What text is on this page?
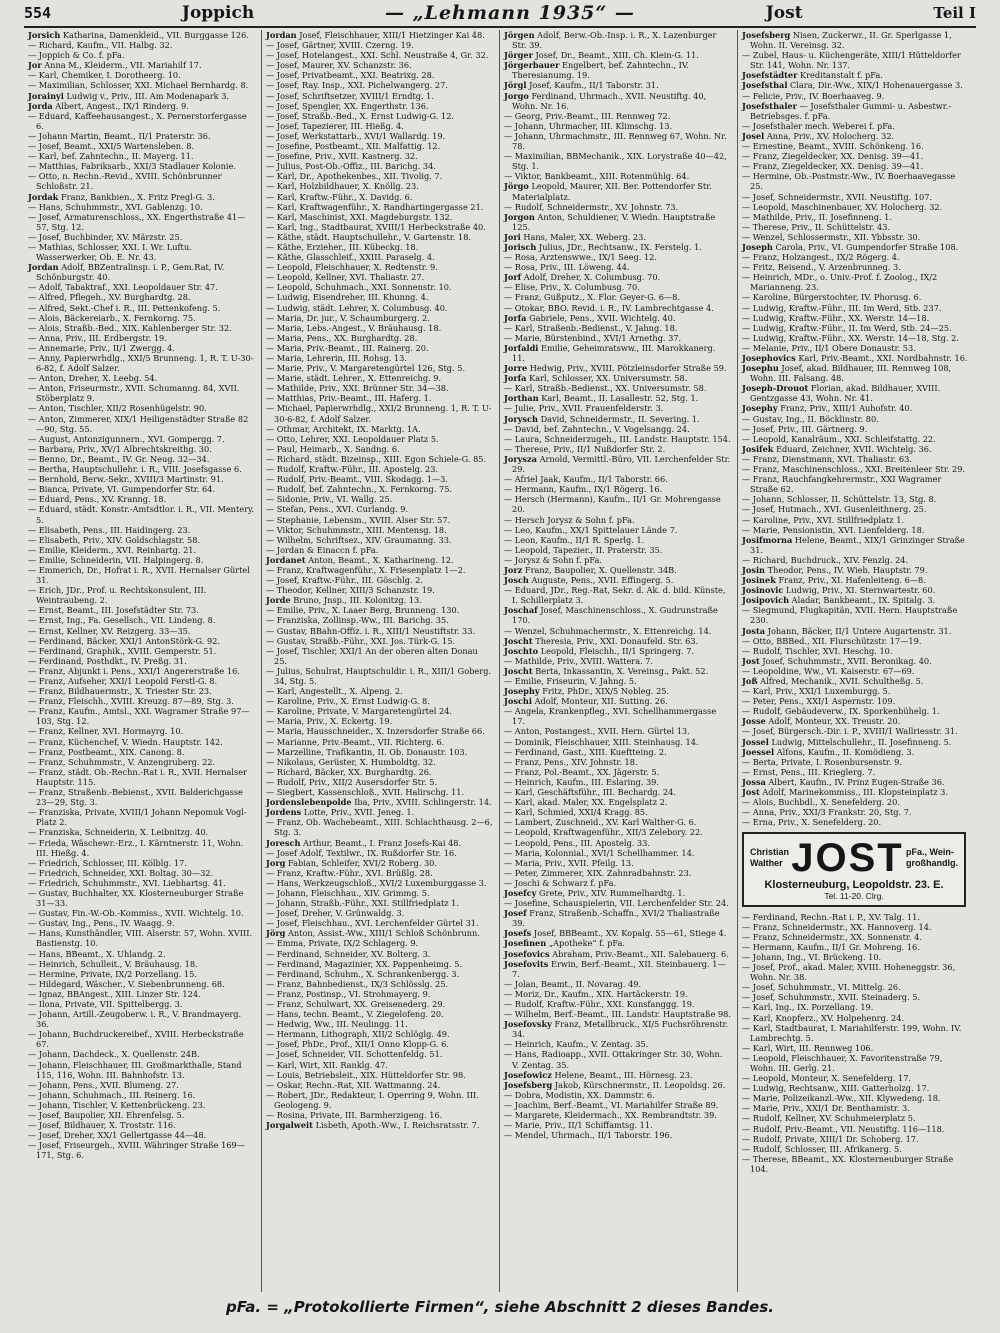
554	Joppich	— „Lehmann 1935“ —	Jost	Teil I

Jorsich Katharina, Damenkleid., VII. Burggasse 126.

— Richard, Kaufm., VII. Halbg. 32.

— Joppich & Co. f. pFa.

Jor Anna M., Kleiderm., VII. Mariahilf 17.

— Karl, Chemiker, I. Dorotheerg. 10.

— Maximilian, Schlosser, XXI. Michael Bernhardg. 8.

Jorainyi Ludwig v., Priv., III. Am Modenapark 3.

Jorda Albert, Angest., IX/1 Rinderg. 9.

— Eduard, Kaffeehausangest., X. Pernerstorfergasse 6.

— Johann Martin, Beamt., II/1 Praterstr. 36.

— Josef, Beamt., XXI/5 Wartensleben. 8.

— Karl, bef. Zahntechn., II. Mayerg. 11.

— Matthias, Fabriksarb., XXI/3 Stadlauer Kolonie.

— Otto, n. Rechn.-Revid., XVIII. Schönbrunner Schloßstr. 21.

Jordak Franz, Bankbien., X. Fritz Pregl-G. 3.

— Hans, Schuhmmstr., XVI. Gablenzg. 10.

— Josef, Armaturenschloss., XX. Engerthstraße 41—57, Stg. 12.

— Josef, Buchbinder, XV. Märzstr. 25.

— Mathias, Schlosser, XXI. I. Wr. Luftu. Wasserwerker, Ob. E. Nr. 43.

Jordan Adolf, BBZentralinsp. i. P., Gem.Rat, IV. Schönburgstr. 40.

— Adolf, Tabaktraf., XXI. Leopoldauer Str. 47.

— Alfred, Pflegeh., XV. Burghardtg. 28.

— Alfred, Sekt.-Chef i. R., III. Pettenkofeng. 5.

— Alois, Bäckereiarb., X. Fernkorng. 75.

— Alois, Straßb.-Bed., XIX. Kahlenberger Str. 32.

— Anna, Priv., III. Erdbergstr. 19.

— Annemarie, Priv., II/1 Zwergg. 4.

— Anny, Papierwrhdlg., XXI/5 Brunneng. 1, R. T. U-30-6-82, f. Adolf Salzer.

— Anton, Dreher, X. Leebg. 54.

— Anton, Friseurmstr., XVII. Schumanng. 84, XVII. Stöberplatz 9.

— Anton, Tischler, XII/2 Rosenhügelstr. 90.

— Anton, Zimmerer, XIX/1 Heiligenstädter Straße 82—90, Stg. 55.

— August, Antonzigunnern., XVI. Gompergg. 7.

— Barbara, Priv., XV/1 Albrechtskreithg. 30.

— Benno, Dr., Beamt., IV. Gr. Neug. 32—34.

— Bertha, Hauptschullehr. i. R., VIII. Josefsgasse 6.

— Bernhold, Berw.-Sekr., XVIII/3 Martinstr. 91.

— Bianca, Private, VI. Gumpendorfer Str. 64.

— Eduard, Pens., XV. Kranng. 18.

— Eduard, städt. Konstr.-Amtsdtlor. i. R., VII. Mentery. 5.

— Elisabeth, Pens., III. Haidingerg. 23.

— Elisabeth, Priv., XIV. Goldschlagstr. 58.

— Emilie, Kleiderm., XVI. Reinhartg. 21.

— Emilie, Schneiderin, VII. Halpingerg. 8.

— Emmerich, Dr., Hofrat i. R., XVII. Hernalser Gürtel 31.

— Erich, JDr., Prof. u. Rechtskonsulent, III. Weintraubeng. 2.

— Ernst, Beamt., III. Josefstädter Str. 73.

— Ernst, Ing., Fa. Gesellsch., VII. Lindeng. 8.

— Ernst, Kellner, XV. Reizgerg. 33—35.

— Ferdinand, Bäcker, XXI/1 AntonStörk-G. 92.

— Ferdinand, Graphik., XVIII. Gemperstr. 51.

— Ferdinand, Posthdkt., IV. Preßg. 31.

— Franz, Abjunkt i. Pens., XXI/1 Angererstraße 16.

— Franz, Aufseher, XXI/1 Leopold Ferstl-G. 8.

— Franz, Bildhauermstr., X. Triester Str. 23.

— Franz, Fleischh., XVIII. Kreuzg. 87—89, Stg. 3.

— Franz, Kaufm., Amtsl., XXI. Wagramer Straße 97—103, Stg. 12.

— Franz, Kellner, XVI. Hormayrg. 10.

— Franz, Küchenchef, V. Wiedn. Hauptstr. 142.

— Franz, Postbeamt., XIX. Canong. 8.

— Franz, Schuhmmstr., V. Anzengruberg. 22.

— Franz, städt. Ob.-Rechn.-Rat i. R., XVII. Hernalser Hauptstr. 115.

— Franz, Straßenb.-Bebienst., XVII. Balderichgasse 23—29, Stg. 3.

— Franziska, Private, XVIII/1 Johann Nepomuk Vogl-Platz 2.

— Franziska, Schneiderin, X. Leibnitzg. 40.

— Frieda, Wäschewr.-Erz., I. Kärntnerstr. 11, Wohn. III. Hießg. 4.

— Friedrich, Schlosser, III. Kölblg. 17.

— Friedrich, Schneider, XXI. Boltag. 30—32.

— Friedrich, Schuhmmstr., XVI. Liebhartsg. 41.

— Gustav, Buchhalter, XX. Klosterneuburger Straße 31—33.

— Gustav, Fin.-W.-Ob.-Kommiss., XVII. Wichtelg. 10.

— Gustav, Ing., Pens., IV. Waagg. 9.

— Hans, Kunsthändler, VIII. Alserstr. 57, Wohn. XVIII. Bastienstg. 10.

— Hans, BBeamt., X. Uhlandg. 2.

— Heinrich, Schulleit., V. Bräuhausg. 18.

— Hermine, Private, IX/2 Porzellang. 15.

— Hildegard, Wäscher., V. Siebenbrunneng. 68.

— Ignaz, BBAngest., XIII. Linzer Str. 124.

— Ilona, Private, VII. Spittelbergg. 3.

— Johann, Artill.-Zeugoberw. i. R., V. Brandmayerg. 36.

— Johann, Buchdruckereibef., XVIII. Herbeckstraße 67.

— Johann, Dachdeck., X. Quellenstr. 24B.

— Johann, Fleischhauer, III. Großmarkthalle, Stand 115, 116, Wohn. III. Bahnhofstr. 13.

— Johann, Pens., XVII. Blumeng. 27.

— Johann, Schuhmach., III. Reinerg. 16.

— Johann, Tischler, V. Kettenbrückeng. 23.

— Josef, Baupolier, XII. Ehrenfelsg. 5.

— Josef, Bildhauer, X. Troststr. 116.

— Josef, Dreher, XX/1 Gellertgasse 44—48.

— Josef, Friseurgeh., XVIII. Währinger Straße 169—171, Stg. 6.

Jordan Josef, Fleischhauer, XIII/1 Hietzinger Kai 48.

— Josef, Gärtner, XVIII. Czerng. 19.

— Josef, Hotelangest., XXI. Schl. Neustraße 4, Gr. 32.

— Josef, Maurer, XV. Schanzstr. 36.

— Josef, Privatbeamt., XXI. Beatrixg. 28.

— Josef, Ray. Insp., XXI. Pichelwangerg. 27.

— Josef, Schriftsetzer, XVIII/1 Erndtg. 1.

— Josef, Spengler, XX. Engerthstr. 136.

— Josef, Straßb.-Bed., X. Ernst Ludwig-G. 12.

— Josef, Tapezierer, III. Hießg. 4.

— Josef, Werkstattarb., XVI/1 Wallardg. 19.

— Josefine, Postbeamt., XII. Malfattig. 12.

— Josefine, Priv., XVII. Kastnerg. 32.

— Julius, Post-Ob.-Offiz., III. Barichg. 34.

— Karl, Dr., Apothekenbes., XII. Tivolig. 7.

— Karl, Holzbildhauer, X. Knöllg. 23.

— Karl, Kraftw.-Führ., X. Davidg. 6.

— Karl, Kraftwagenführ., X. Randhartingergasse 21.

— Karl, Maschinist, XXI. Magdeburgstr. 132.

— Karl, Ing., Stadtbaurat, XVIII/1 Herbeckstraße 40.

— Käthe, städt. Hauptschullehr., V. Gartenstr. 18.

— Käthe, Erzieher., III. Kübeckg. 18.

— Käthe, Glasschleif., XXIII. Paraselg. 4.

— Leopold, Fleischhauer, X. Redtenstr. 9.

— Leopold, Kellner, XVI. Thaliastr. 27.

— Leopold, Schuhmach., XXI. Sonnenstr. 10.

— Ludwig, Eisendreher, III. Khunng. 4.

— Ludwig, städt. Lehrer, X. Columbusg. 40.

— Maria, Dr. jur., V. Schaumburgerg. 2.

— Maria, Lebs.-Angest., V. Bräuhausg. 18.

— Maria, Pens., XX. Burghardtg. 28.

— Maria, Priv.-Beamt., III. Rainerg. 20.

— Maria, Lehrerin, III. Rohsg. 13.

— Marie, Priv., V. Margaretengürtel 126, Stg. 5.

— Marie, städt. Lehrer., X. Ettenreichg. 9.

— Mathilde, Priv., XXI. Brünner Str. 34—38.

— Matthias, Priv.-Beamt., III. Haferg. 1.

— Michael, Papierwrhdlg., XXI/2 Brunneng. 1, R. T. U-30-6-82, f. Adolf Salzer.

— Othmar, Architekt, IX. Marktg. 1A.

— Otto, Lehrer, XXI. Leopoldauer Platz 5.

— Paul, Heimarb., X. Sandng. 6.

— Richard, städt. Bizeinsp., XIII. Egon Schiele-G. 85.

— Rudolf, Kraftw.-Führ., III. Apostelg. 23.

— Rudolf, Priv.-Beamt., VIII. Skodagg. 1—3.

— Rudolf, bef. Zahntechn., X. Fernkorng. 75.

— Sidonie, Priv., VI. Wallg. 25.

— Stefan, Pens., XVI. Curlandg. 9.

— Stephanie, Lebensm., XVIII. Alser Str. 57.

— Viktor, Schuhmmstr., XIII. Mentensg. 18.

— Wilhelm, Schriftsez., XIV. Graumanng. 33.

— Jordan & Einaccn f. pFa.

Jordanet Anton, Beamt., X. Katharineng. 12.

— Franz, Kraftwagenführ., X. Friesenplatz 1—2.

— Josef, Kraftw.-Führ., III. Göschlg. 2.

— Theodor, Kellner, XIII/3 Schanzstr. 19.

Jorde Bruno, Jnsp., III. Kolonitzg. 13.

— Emilie, Priv., X. Laaer Berg, Brunneng. 130.

— Franziska, Zollinsp.-Ww., III. Barichg. 35.

— Gustav, BBahn-Offiz. i. R., XIII/1 Neustiftstr. 33.

— Gustav, Straßb.-Führ., XXI. Jos. Türk-G. 15.

— Josef, Tischler, XXI/1 An der oberen alten Donau 25.

— Julius, Schulrat, Hauptschuldir. i. R., XIII/1 Goberg. 34, Stg. 5.

— Karl, Angestellt., X. Alpeng. 2.

— Karoline, Priv., X. Ernst Ludwig-G. 8.

— Karoline, Private, V. Margaretengürtel 24.

— Maria, Priv., X. Eckertg. 19.

— Maria, Hausschneider., X. Inzersdorfer Straße 66.

— Marianne, Priv.-Beamt., VII. Richterg. 6.

— Marzelline, Trafikantin, II. Ob. Donaustr. 103.

— Nikolaus, Gerüster, X. Humboldtg. 32.

— Richard, Bäcker, XX. Burghardtg. 26.

— Rudolf, Priv., XII/2 Ausersdorfer Str. 5.

— Siegbert, Kassenschloß., XVII. Halirschg. 11.

Jordenslebenpolde Iba, Priv., XVIII. Schlingerstr. 14.

Jordens Lotte, Priv., XVII. Jeneg. 1.

— Franz, Ob. Wachebeamt., XIII. Schlachthausg. 2—6, Stg. 3.

Joresch Arthur, Beamt., I. Franz Josefs-Kai 48.

— Josef Adolf, Textilwr., IX. Rußdorfer Str. 16.

Jorg Fabian, Schleifer, XVI/2 Roberg. 30.

— Franz, Kraftw.-Führ., XVI. Brüßlg. 28.

— Hans, Werkzeugschloß., XVI/2 Luxemburggasse 3.

— Johann, Fleischhau., XIV. Grimmg. 5.

— Johann, Straßb.-Führ., XXI. Stillfriedplatz 1.

— Josef, Dreher, V. Grünwaldg. 3.

— Josef, Fleischhau., XVI. Lerchenfelder Gürtel 31.

Jörg Anton, Assist.-Ww., XIII/1 Schloß Schönbrunn.

— Emma, Private, IX/2 Schlagerg. 9.

— Ferdinand, Schneider, XV. Bolterg. 3.

— Ferdinand, Magazinier, XX. Pappenheimg. 5.

— Ferdinand, Schuhm., X. Schrankenbergg. 3.

— Franz, Bahnbedienst., IX/3 Schlösslg. 25.

— Franz, Postinsp., VI. Strohmayerg. 9.

— Franz, Schulwart, XX. Greisenederg. 29.

— Hans, techn. Beamt., V. Ziegelofeng. 20.

— Hedwig, Ww., III. Neulingg. 11.

— Hermann, Lithograph, XII/2 Schlöglg. 49.

— Josef, PhDr., Prof., XII/1 Onno Klopp-G. 6.

— Josef, Schneider, VII. Schottenfeldg. 51.

— Karl, Wirt, XII. Ranklg. 47.

— Louis, Betriebsleit., XIX. Hütteldorfer Str. 98.

— Oskar, Rechn.-Rat, XII. Wattmanng. 24.

— Robert, JDr., Redakteur, I. Operring 9, Wohn. III. Geologeng. 9.

— Rosina, Private, III. Barmherzigeng. 16.

Jorgalweit Lisbeth, Apoth.-Ww., I. Reichsratsstr. 7.

Jörgen Adolf, Berw.-Ob.-Insp. i. R., X. Lazenburger Str. 39.

Jörger Josef, Dr., Beamt., XIII. Ch. Klein-G. 11.

Jörgerbauer Engelbert, bef. Zahntechn., IV. Theresianumg. 19.

Jörgl Josef, Kaufm., II/1 Taborstr. 31.

Jorgo Ferdinand, Uhrmach., XVII. Neustiftg. 40, Wohn. Nr. 16.

— Georg, Priv.-Beamt., III. Rennweg 72.

— Johann, Uhrmacher, III. Klimschg. 13.

— Johann, Uhrmachmstr., III. Rennweg 67, Wohn. Nr. 78.

— Maximilian, BBMechanik., XIX. Lorystraße 40—42, Stg. 1.

— Viktor, Bankbeamt., XIII. Rotenmühlg. 64.

Jörgo Leopold, Maurer, XII. Ber. Pottendorfer Str. Materialplatz.

— Rudolf, Schneidermstr., XV. Johnstr. 73.

Jorgon Anton, Schuldiener, V. Wiedn. Hauptstraße 125.

Jori Hans, Maler, XX. Weberg. 23.

Jorisch Julius, JDr., Rechtsanw., IX. Ferstelg. 1.

— Rosa, Arztenswwe., IX/1 Seeg. 12.

— Rosa, Priv., III. Löweng. 44.

Jorf Adolf, Dreher, X. Columbusg. 70.

— Elise, Priv., X. Columbusg. 70.

— Franz, Gußputz., X. Flor. Geyer-G. 6—8.

— Otokar, BBO. Revid. i. R., IV. Lambrechtgasse 4.

Jorfa Gabriele, Pens., XVII. Wichtelg. 40.

— Karl, Straßenb.-Bedienst., V. Jahng. 18.

— Marie, Bürstenbind., XVI/1 Arnethg. 37.

Jorfaldi Emilie, Geheimratsww., III. Marokkanerg. 11.

Jorre Hedwig, Priv., XVIII. Pötzleinsdorfer Straße 59.

Jorfa Karl, Schlosser, XX. Universumstr. 58.

— Karl, Straßb.-Bedienst., XX. Universumstr. 58.

Jorthan Karl, Beamt., II. Lasallestr. 52, Stg. 1.

— Julie, Priv., XVII. Frauenfelderstr. 3.

Jorysch David, Schneidermstr., II. Severing. 1.

— David, bef. Zahntechn., V. Vogelsangg. 24.

— Laura, Schneiderzugeh., III. Landstr. Hauptstr. 154.

— Therese, Priv., II/1 Nußdorfer Str. 2.

Jorysza Arnold, Vermittl.-Büro, VII. Lerchenfelder Str. 29.

— Afriel Jaak, Kaufm., II/1 Taborstr. 66.

— Hermann, Kaufm., IX/1 Rögerg. 16.

— Hersch (Hermann), Kaufm., II/1 Gr. Mohrengasse 20.

— Hersch Jorysz & Sohn f. pFa.

— Leo, Kaufm., XX/1 Spittelauer Lände 7.

— Leon, Kaufm., II/1 R. Sperlg. 1.

— Leopold, Tapezier., II. Praterstr. 35.

— Jorysz & Sohn f. pFa.

Jorz Franz, Baupolier, X. Quellenstr. 34B.

Josch Auguste, Pens., XVII. Effingerg. 5.

— Eduard, JDr., Reg.-Rat, Sekr. d. Ak. d. bild. Künste, I. Schillerplatz 3.

Joschaf Josef, Maschinenschloss., X. Gudrunstraße 170.

— Wenzel, Schuhmachermstr., X. Ettenreichg. 14.

Joscht Theresia, Priv., XXI. Donaufeld. Str. 63.

Joschto Leopold, Fleischh., II/1 Springerg. 7.

— Mathilde, Priv., XVIII. Wattera. 7.

Joscht Berta, Inkassantin, X. Vereinsg., Pakt. 52.

— Emilie, Friseurin, V. Jahng. 5.

Josephy Fritz, PhDr., XIX/5 Nobleg. 25.

Joschi Adolf, Monteur, XII. Sutting. 26.

— Angela, Krankenpfleg., XVI. Schellhammergasse 17.

— Anton, Postangest., XVII. Hern. Gürtel 13.

— Dominik, Fleischhauer, XIII. Steinhausg. 14.

— Ferdinand, Gast., XIII. Kueftteing. 2.

— Franz, Pens., XIV. Johnstr. 18.

— Franz, Pol.-Beamt., XX. Jägerstr. 5.

— Heinrich, Kaufm., III. Eslaring. 39.

— Karl, Geschäftsführ., III. Bechardg. 24.

— Karl, akad. Maler, XX. Engelsplatz 2.

— Karl, Schmied, XXI/4 Kragg. 85.

— Lambert, Zuschneid., XV. Karl Walther-G. 6.

— Leopold, Kraftwagenführ., XII/3 Zelebory. 22.

— Leopold, Pens., III. Apostelg. 33.

— Maria, Kolonnial., XVI/1 Schellhammer. 14.

— Maria, Priv., XVII. Pfeilg. 13.

— Peter, Zimmerer, XIX. Zahnradbahnstr. 23.

— Joschi & Schwarz f. pFa.

Josefcy Grete, Priv., XIV. Rummelhardtg. 1.

— Josefine, Schauspielerin, VII. Lerchenfelder Str. 24.

Josef Franz, Straßenb.-Schaffn., XVI/2 Thaliastraße 39.

Josefs Josef, BBBeamt., XV. Kopalg. 55—61, Stiege 4.

Josefinen „Apotheke“ f. pFa.

Josefovics Abraham, Priv.-Beamt., XII. Salebauerg. 6.

Josefovits Erwin, Berf.-Beamt., XII. Steinbauerg. 1—7.

— Jolan, Beamt., II. Novarag. 49.

— Moriz, Dr., Kaufm., XIX. Hartäckerstr. 19.

— Rudolf, Kraftw.-Führ., XXI. Kunsfanggg. 19.

— Wilhelm, Berf.-Beamt., III. Landstr. Hauptstraße 98.

Josefovsky Franz, Metallbruck., XI/5 Fuchsröhrenstr. 34.

— Heinrich, Kaufm., V. Zentag. 35.

— Hans, Radioapp., XVII. Ottakringer Str. 30, Wohn. V. Zentag. 35.

Josefowicz Helene, Beamt., III. Hörnesg. 23.

Josefsberg Jakob, Kürschnermstr., II. Leopoldsg. 26.

— Dobra, Modistin, XX. Dammstr. 6.

— Joachim, Berf.-Beamt., VI. Mariahilfer Straße 89.

— Margarete, Kleidermach., XX. Rembrandtstr. 39.

— Marie, Priv., II/1 Schiffamtsg. 11.

— Mendel, Uhrmach., II/1 Taborstr. 196.

Josefsberg Nisen, Zuckerwr., II. Gr. Sperlgasse 1, Wohn. II. Vereinsg. 32.

— Zubel, Haus- u. Küchengeräte, XIII/1 Hütteldorfer Str. 141, Wohn. Nr. 137.

Josefstädter Kreditanstalt f. pFa.

Josefsthal Clara, Dir.-Ww., XIX/1 Hohenauergasse 3.

— Felicie, Priv., IV. Boerhaaveg. 9.

Josefsthaler — Josefsthaler Gummi- u. Asbestwr.-Betriebsges. f. pFa.

— Josefsthaler mech. Weberei f. pFa.

Josel Anna, Priv., XV. Holocherg. 32.

— Ernestine, Beamt., XVIII. Schönkeng. 16.

— Franz, Ziegeldecker, XX. Denisg. 39—41.

— Franz, Ziegeldecker, XX. Denisg. 39—41.

— Hermine, Ob.-Postmstr.-Ww., IV. Boerhaavegasse 25.

— Josef, Schneidermstr., XVII. Neustiftg. 107.

— Leopold, Maschinenbauer, XV. Holocherg. 32.

— Mathilde, Priv., II. Josefinneng. 1.

— Therese, Priv., II. Schüttelstr. 43.

— Wenzel, Schlossermstr., XII. Ybbsstr. 30.

Joseph Carola, Priv., VI. Gumpendorfer Straße 108.

— Franz, Holzangest., IX/2 Rögerg. 4.

— Fritz, Reisend., V. Arzenbrunneg. 3.

— Heinrich, MDr., o. Univ.-Prof. f. Zoolog., IX/2 Marianneng. 23.

— Karoline, Bürgerstochter, IV. Phorusg. 6.

— Ludwig, Kraftw.-Führ., III. Im Werd, Stb. 237.

— Ludwig, Kraftw.-Führ., XX. Werstr. 14—18.

— Ludwig, Kraftw.-Führ., II. Im Werd, Stb. 24—25.

— Ludwig, Kraftw.-Führ., XX. Werstr. 14—18, Stg. 2.

— Melanie, Priv., II/1 Obere Donaustr. 53.

Josephovics Karl, Priv.-Beamt., XXI. Nordbahnstr. 16.

Josephu Josef, akad. Bildhauer, III. Rennweg 108, Wohn. III. Falsang. 48.

Joseph-Drouot Florian, akad. Bildhauer, XVIII. Gentzgasse 43, Wohn. Nr. 41.

Josephy Franz, Priv., XIII/1 Auhofstr. 40.

— Gustav, Ing., II. Böcklinstr. 80.

— Josef, Priv., III. Gärtnerg. 9.

— Leopold, Kanalräum., XXI. Schleifstattg. 22.

Josifek Eduard, Zeichner, XVII. Wichtelg. 36.

— Franz, Dienstmann, XVI. Thaliastr. 63.

— Franz, Maschinenschloss., XXI. Breitenleer Str. 29.

— Franz, Rauchfangkehrermstr., XXI Wagramer Straße 62.

— Johann, Schlosser, II. Schüttelstr. 13, Stg. 8.

— Josef, Hutmach., XVI. Gusenleithnerg. 25.

— Karoline, Priv., XVI. Stillfriedplatz 1.

— Marie, Pensionistin, XVI. Lienfelderg. 18.

Josifmorna Helene, Beamt., XIX/1 Grinzinger Straße 31.

— Richard, Buchdruck., XIV. Fenzlg. 24.

Josin Theodor, Pens., IV. Wieb. Hauptstr. 79.

Josinek Franz, Priv., XI. Hafenleiteng. 6—8.

Josinovic Ludwig, Priv., XI. Sternwartestr. 60.

Josipovich Aladar, Bankbeamt., IX. Spitalg. 3.

— Siegmund, Flugkapitän, XVII. Hern. Hauptstraße 230.

Josta Johann, Bäcker, II/1 Untere Augartenstr. 31.

— Otto, BBBed., XII. Flurschützstr. 17—19.

— Rudolf, Tischler, XVI. Heschg. 10.

Jost Josef, Schuhmmstr., XVII. Beronikag. 40.

— Leopoldine, Ww., VI. Kaiserstr. 67—69.

Joß Alfred, Mechanik., XVII. Schultheßg. 5.

— Karl, Priv., XXI/1 Luxemburgg. 5.

— Peter, Pens., XXI/1 Aspernstr. 109.

— Rudolf, Gebäudeverw., IX. Sporkenbühelg. 1.

Josse Adolf, Monteur, XX. Treustr. 20.

— Josef, Bürgersch.-Dir. i. P., XVIII/1 Wallriesstr. 31.

Jossel Ludwig, Mittelschullehr., II. Josefinneng. 5.

Joessel Alfons, Kaufm., II. Komödieng. 3.

— Berta, Private, I. Rosenbursenstr. 9.

— Ernst, Pens., III. Krieglerg. 7.

Jossa Albert, Kaufm., IV. Prinz Eugen-Straße 36.

Jost Adolf, Marinekommiss., III. Klopsteinplatz 3.

— Alois, Buchbdl., X. Senefelderg. 20.

— Anna, Priv., XXI/3 Frankstr. 20, Stg. 7.

— Erna, Priv., X. Senefelderg. 20.

Christian
Walther JOST pFa., Wein-
großhandlg.
Klosterneuburg, Leopoldstr. 23. E.
Tel. 11-20. Clrg.

— Ferdinand, Rechn.-Rat i. P., XV. Talg. 11.

— Franz, Schneidermstr., XX. Hannoverg. 14.

— Franz, Schneidermstr., XX. Sonnenstr. 4.

— Hermann, Kaufm., II/1 Gr. Mohreng. 16.

— Johann, Ing., VI. Brückeng. 10.

— Josef, Prof., akad. Maler, XVIII. Hoheneggstr. 36, Wohn. Nr. 38.

— Josef, Schuhmmstr., VI. Mittelg. 26.

— Josef, Schuhmmstr., XVII. Steinaderg. 5.

— Karl, Ing., IX. Porzellang. 19.

— Karl, Knopferz., XV. Holpehenrg. 24.

— Karl, Stadtbaurat, I. Mariahilferstr. 199, Wohn. IV. Lambrechtg. 5.

— Karl, Wirt, III. Rennweg 106.

— Leopold, Fleischhauer, X. Favoritenstraße 79, Wohn. III. Gerlg. 21.

— Leopold, Monteur, X. Senefelderg. 17.

— Ludwig, Rechtsanw., XIII. Gatterholzg. 17.

— Marie, Polizeikanzl.-Ww., XII. Klywedeng. 18.

— Marie, Priv., XXI/1 Dr. Benthamistr. 3.

— Rudolf, Kellner, XV. Schuhmeierplatz 5.

— Rudolf, Priv.-Beamt., VII. Neustiftg. 116—118.

— Rudolf, Private, XIII/1 Dr. Schoberg. 17.

— Rudolf, Schlosser, III. Afrikanerg. 5.

— Therese, BBeamt., XX. Klosterneuburger Straße 104.

pFa. = „Protokollierte Firmen“, siehe Abschnitt 2 dieses Bandes.
